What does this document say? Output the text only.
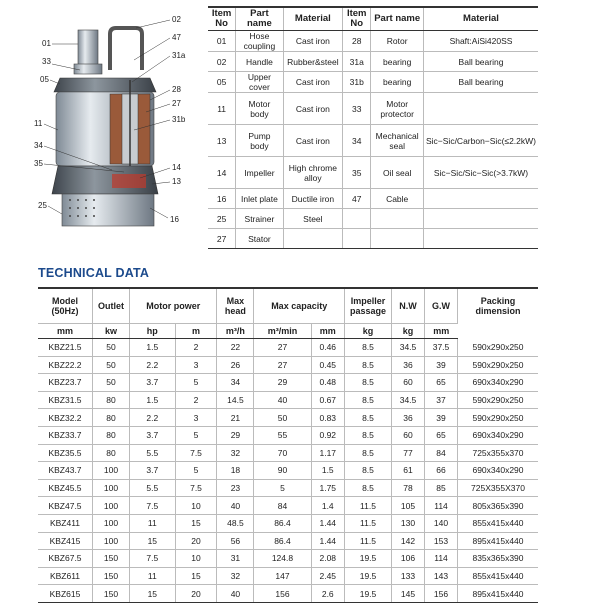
01
33
05
11
34
35
25
02
47
31a
28
27
31b
14
13
16
Item No	Part name	Material	Item No	Part name	Material
01	Hose coupling	Cast iron	28	Rotor	Shaft:AiSi420SS
02	Handle	Rubber&steel	31a	bearing	Ball bearing
05	Upper cover	Cast iron	31b	bearing	Ball bearing
11	Motor body	Cast iron	33	Motor protector	
13	Pump body	Cast iron	34	Mechanical seal	Sic−Sic/Carbon−Sic(≤2.2kW)
14	Impeller	High chrome alloy	35	Oil seal	Sic−Sic/Sic−Sic(>3.7kW)
16	Inlet plate	Ductile iron	47	Cable	
25	Strainer	Steel			
27	Stator				
TECHNICAL DATA
Model (50Hz)	Outlet	Motor power		Max head	Max capacity		Impeller passage	N.W	G.W	Packing dimension
mm	kw	hp	m	m³/h	m³/min	mm	kg	kg	mm	
KBZ21.5	50	1.5	2	22	27	0.46	8.5	34.5	37.5	590x290x250
KBZ22.2	50	2.2	3	26	27	0.45	8.5	36	39	590x290x250
KBZ23.7	50	3.7	5	34	29	0.48	8.5	60	65	690x340x290
KBZ31.5	80	1.5	2	14.5	40	0.67	8.5	34.5	37	590x290x250
KBZ32.2	80	2.2	3	21	50	0.83	8.5	36	39	590x290x250
KBZ33.7	80	3.7	5	29	55	0.92	8.5	60	65	690x340x290
KBZ35.5	80	5.5	7.5	32	70	1.17	8.5	77	84	725x355x370
KBZ43.7	100	3.7	5	18	90	1.5	8.5	61	66	690x340x290
KBZ45.5	100	5.5	7.5	23	5	1.75	8.5	78	85	725X355X370
KBZ47.5	100	7.5	10	40	84	1.4	11.5	105	114	805x365x390
KBZ411	100	11	15	48.5	86.4	1.44	11.5	130	140	855x415x440
KBZ415	100	15	20	56	86.4	1.44	11.5	142	153	895x415x440
KBZ67.5	150	7.5	10	31	124.8	2.08	19.5	106	114	835x365x390
KBZ611	150	11	15	32	147	2.45	19.5	133	143	855x415x440
KBZ615	150	15	20	40	156	2.6	19.5	145	156	895x415x440
